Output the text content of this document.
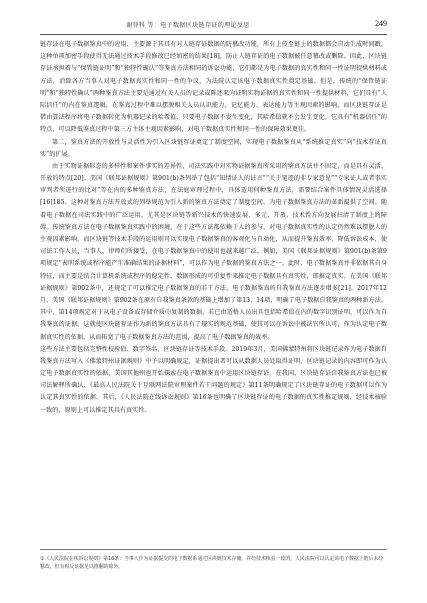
谢登科 等：电子数据区块链存证的理论反思	249

链存证在电子数据鉴真中的应用，主要源于其具有对人链存证数据的防篡改功能，所有上传至链上的数据都会自动生成时间戳，这种单项加密手段使得无法通过技术手段修改已经加密的结果[18]，防止人链存证的电子数据被任意篡改或删除。因此，区块链存证承担着与“保管链证明”和“独特性确认”等鉴真方法相同的诉讼功能，它们都是为电子数据的真实性和同一性证明提供材料或方法，消除各方当事人对电子数据真实性和同一性的争议，为法院认定该电子数据真实性奠定基础。但是，传统的“保管链证明”和“独特性确认”两种鉴真方法主要是通过有关人员的记录或陈述来为证明实物证据的真实性和同一性提供材料，它们具有“人际信任”的内在鉴真逻辑，在鉴真过程中难以摆脱相关人员认识能力、记忆能力、表达能力等主观因素的影响。而区块链存证是借由算法程序将电子数据转化为机器记录的哈希值，只要电子数据不发生变化，其哈希值就不会发生变化，它具有“机器信任”的特点，可以降低鉴真过程中第三方主体主观因素影响，对电子数据真实性和同一性的保障效果更佳。

第二，鉴真方法的开放性与灵活性为引入区块链存证奠定了制度空间，实现电子数据鉴真从“系统推定真实”向“技术存证真实”的扩展。

由于实物证据形态的多样性和案件事实的差异性，司法实践中对实物证据鉴真所采用的鉴真方法并不固定，而是具有灵活、开放的特点[20]。美国《联邦证据规则》第901(b)条列举了包括“知情证人的证言”“关于笔迹的非专家意见”“专家证人或者事实审判者所进行的比对”等在内的多种鉴真方法，在法庭审理过程中，具体适用何种鉴真方法，需要结合案件具体情况灵活选择[16]185。这种对鉴真方法开放式的列举规范为引入新的鉴真方法奠定了制度空间，为电子数据鉴真方法的革新提供了空间。随着电子数据在司法实践中的广泛运用，尤其是区块链等新兴技术的快速发展，多元、开放、技术性方向发展扫清了制度上的障碍。传统鉴真方法在电子数据鉴真实践中的困境，在于这些方法都依赖于人的参与，对电子数据真实性的认定仍然难以摆脱人的主观因素影响，而区块链等技术手段的运用则可以实现电子数据鉴真的客观化与自动化，从而提升鉴真效率、降低诉讼成本，使司法工作人员、当事人、律师们所接受，在电子数据鉴真中的使用也越来越广泛。例如，美国《联邦证据规则》第901(b)条第9项规定“表明系统或程序能产生准确结果的证据材料”，可以作为电子数据的鉴真方法之一。此时，电子数据鉴真并非依据其自身特征，而主要是结合计算机系统或程序的稳定性、数据形成的可重复性来推定电子数据具有真实性，即推定真实。在美国《联邦证据规则》第902条中，还规定了可以推定电子数据鉴真的若干方法，电子数据鉴真的自我鉴真方法逐步增多[21]。2017年12月，美国《联邦证据规则》第902条在原有自我鉴真条款的基础上增加了第13、14项，明确了电子数据自我鉴真的两种新方法。其中，第14项规定对于从电子设备或存储介质中复制的数据，若已由适格人员出具包括哈希值在内的数字识别证明，可以作为自我鉴真的证据。这就使区块链存证作为新的鉴真方法具有了现实的规范基础，使其可以在诉讼中被法官所认可，作为认定电子数据真实性的依据，从而拓宽了电子数据鉴真方法的范围，提高了电子数据鉴真的效率。

这些方法主要包括完整性校验值、数字签名、区块链存证等技术手段。2019年3月，美国佛蒙特州将区块链记录作为电子数据自我鉴真方法写入《佛蒙特州证据规则》中予以明确规定，证据提出者可以从数据人员处取得证明，区块链记录的内容即可作为认定电子数据真实性的依据，美国其他州也开始探索在电子数据鉴真中运用区块链存证。在我国，区块链存证自我鉴真方法也已被司法解释所确认，《最高人民法院关于互联网法院审理案件若干问题的规定》第11条明确规定了区块链存证的电子数据可以作为认定其真实性的依据，其后，《人民法院在线诉讼规则》第16条也明确了区块链存证的电子数据的真实性推定规则，经技术核验一致的，原则上可以推定其具有真实性。

①《人民法院在线诉讼规则》第16条：当事人作为证据提交的电子数据系通过区块链技术存储，并经技术核验一致的，人民法院可以认定该电子数据上链后未经篡改，但有相反证据足以推翻的除外。
